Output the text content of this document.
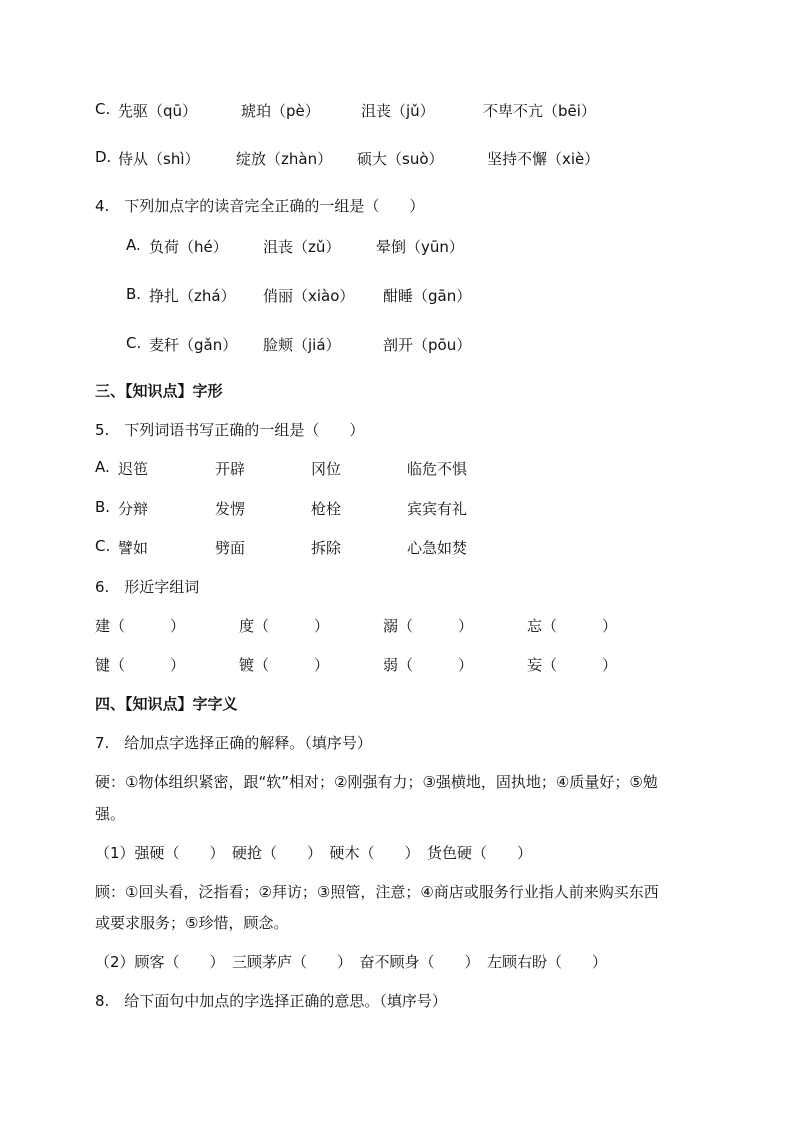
C. 先驱（qū）	琥珀（pè）	沮丧（jǔ）	不卑不亢（bēi）
D. 侍从（shì） 绽放（zhàn） 硕大（suò）	坚持不懈（xiè）
4.　下列加点字的读音完全正确的一组是（　　）
A. 负荷（hé） 沮丧（zǔ） 晕倒（yūn）
B. 挣扎（zhá） 俏丽（xiào） 酣睡（gān）
C. 麦秆（gǎn） 脸颊（jiá）	剖开（pōu）
三、【知识点】字形
5.　下列词语书写正确的一组是（　　）
A. 迟竾	开辟	冈位	临危不惧
B. 分辩	发愣	枪栓	宾宾有礼
C. 譬如	劈面	拆除	心急如焚
6.　形近字组词
建（　　　）	度（　　　）	溺（　　　）	忘（　　　）
键（　　　）	镀（　　　）	弱（　　　）	妄（　　　）
四、【知识点】字字义
7.　给加点字选择正确的解释。（填序号）
硬：①物体组织紧密，跟“软”相对；②刚强有力；③强横地，固执地；④质量好；⑤勉
强。
（1）强硬（　　）　硬抢（　　）　硬木（　　）　货色硬（　　）
顾：①回头看，泛指看；②拜访；③照管，注意；④商店或服务行业指人前来购买东西
或要求服务；⑤珍惜，顾念。
（2）顾客（　　）　三顾茅庐（　　）　奋不顾身（　　）　左顾右盼（　　）
8.　给下面句中加点的字选择正确的意思。（填序号）
